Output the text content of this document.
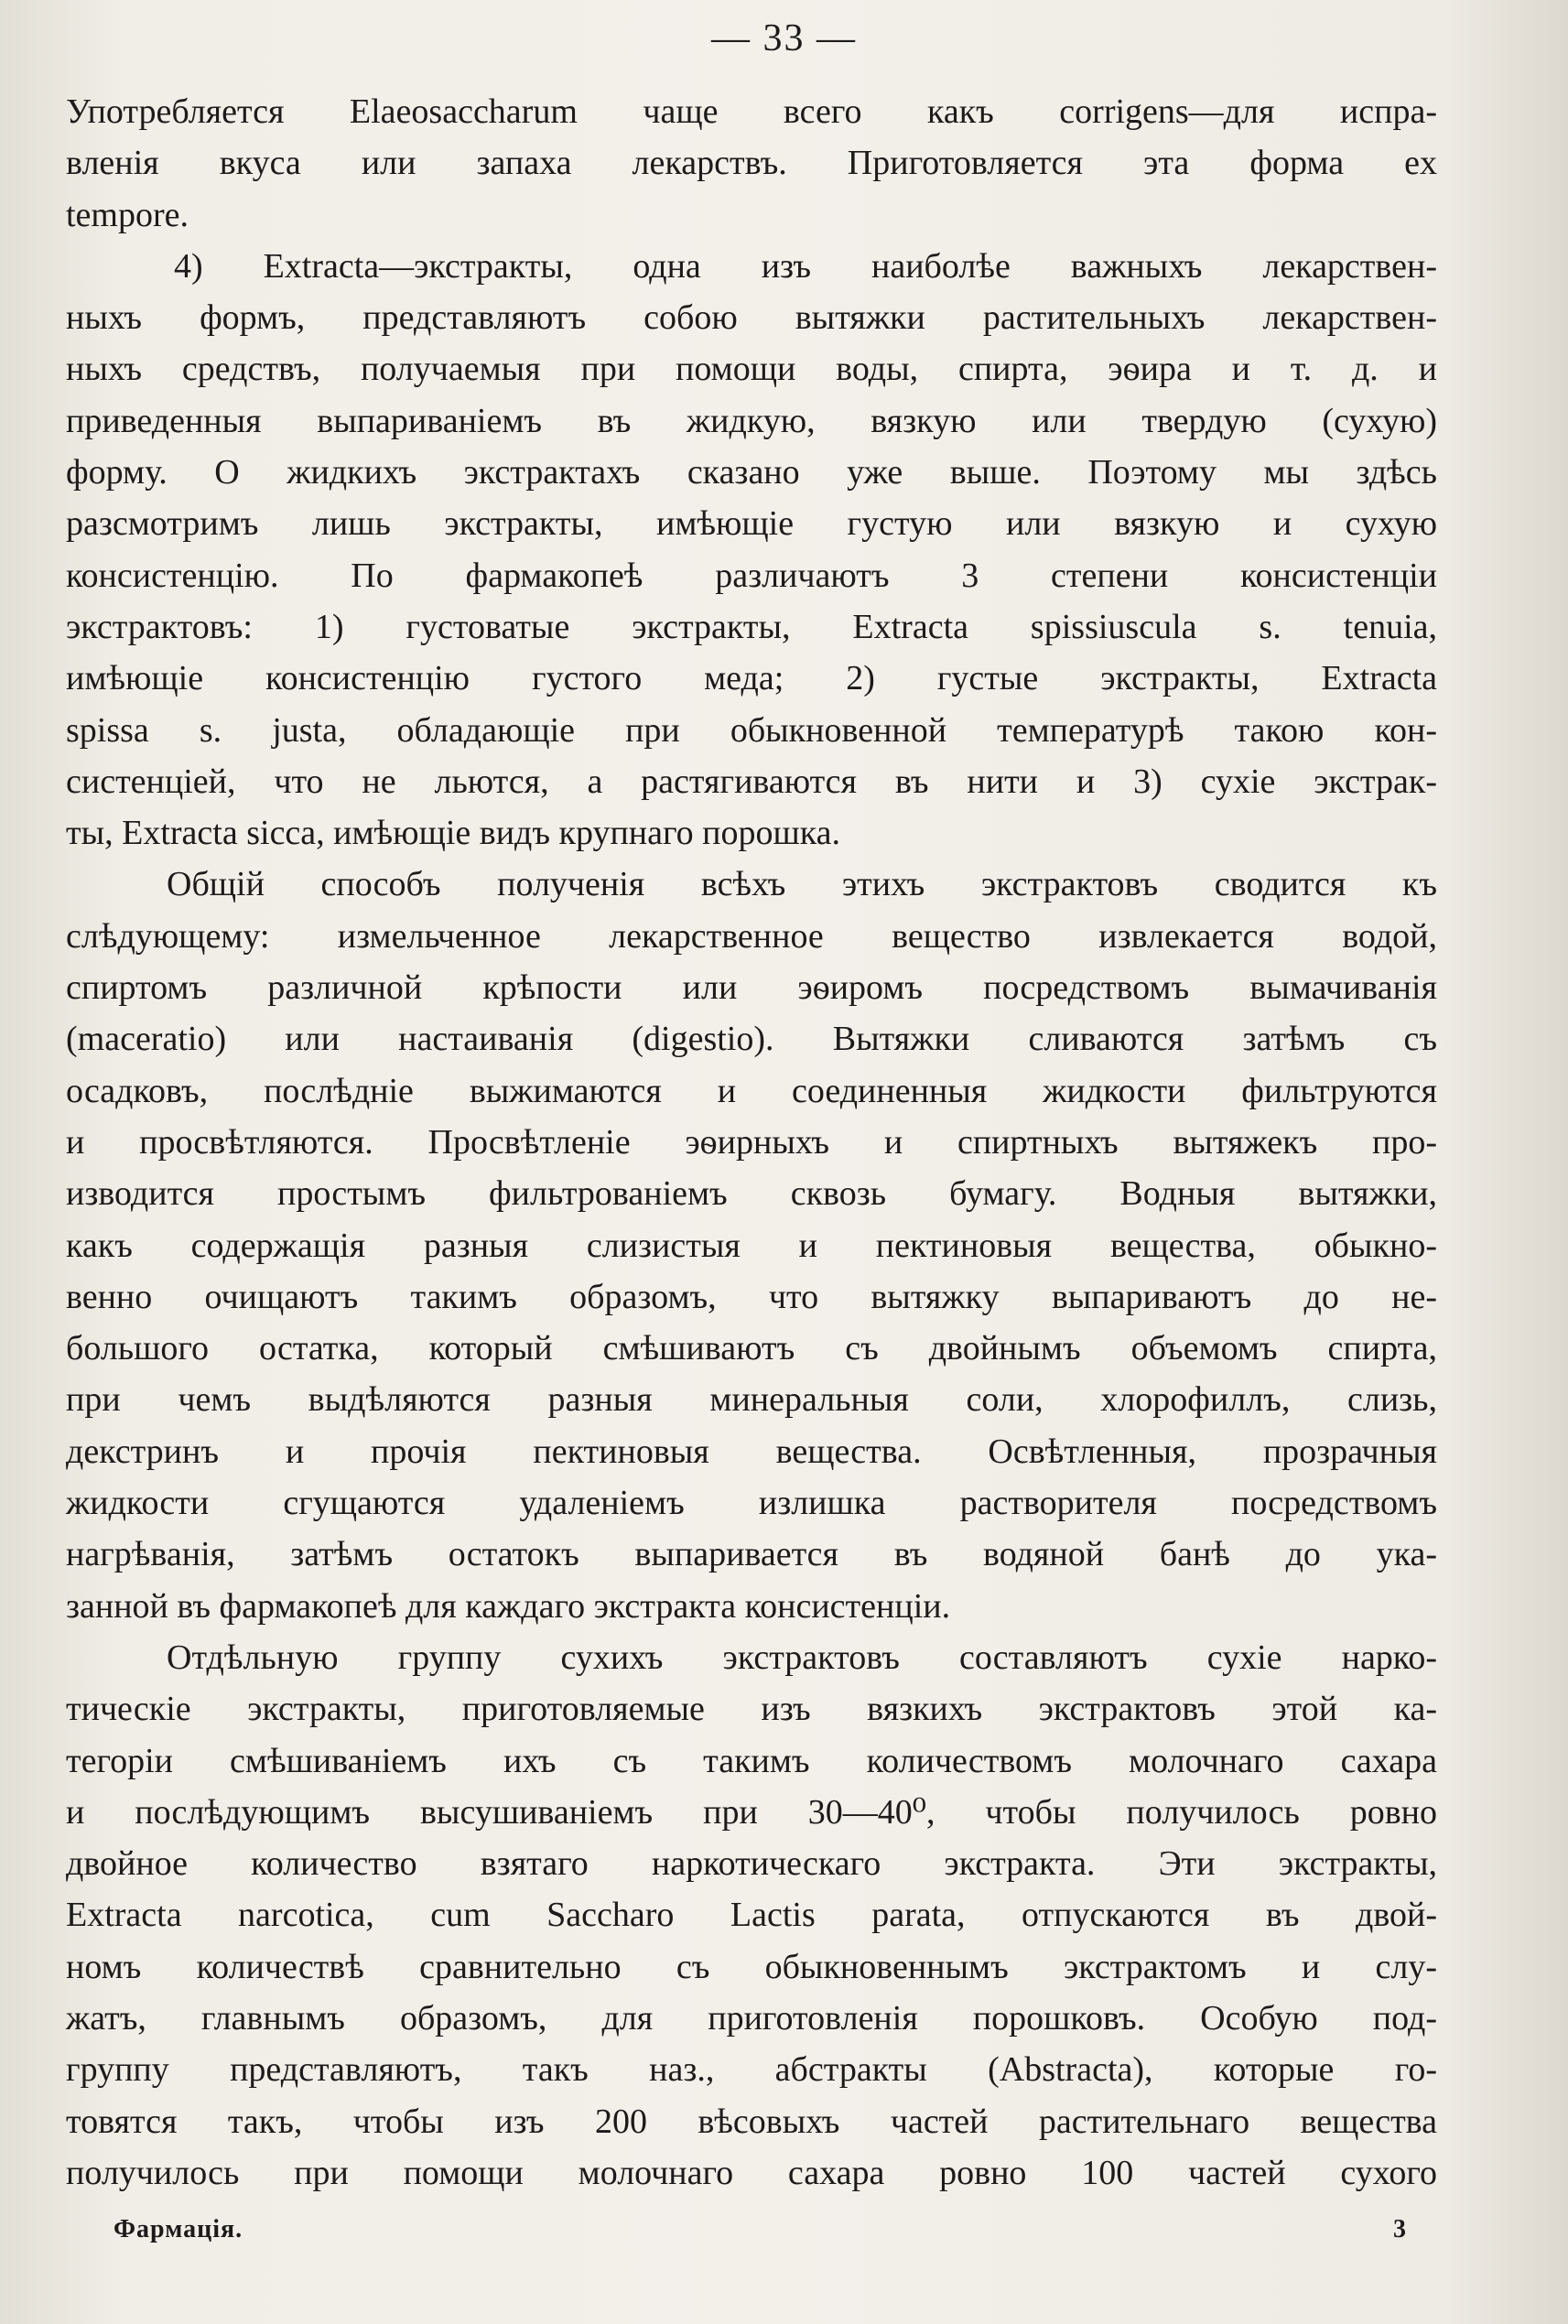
— 33 —
Употребляется Elaeosaccharum чаще всего какъ corrigens—для испра-
вленія вкуса или запаха лекарствъ. Приготовляется эта форма ex
tempore.
4) Extracta—экстракты, одна изъ наиболѣе важныхъ лекарствен-
ныхъ формъ, представляютъ собою вытяжки растительныхъ лекарствен-
ныхъ средствъ, получаемыя при помощи воды, спирта, эѳира и т. д. и
приведенныя выпариваніемъ въ жидкую, вязкую или твердую (сухую)
форму. О жидкихъ экстрактахъ сказано уже выше. Поэтому мы здѣсь
разсмотримъ лишь экстракты, имѣющіе густую или вязкую и сухую
консистенцію. По фармакопеѣ различаютъ 3 степени консистенціи
экстрактовъ: 1) густоватые экстракты, Extracta spissiuscula s. tenuia,
имѣющіе консистенцію густого меда; 2) густые экстракты, Extracta
spissa s. justa, обладающіе при обыкновенной температурѣ такою кон-
систенціей, что не льются, а растягиваются въ нити и 3) сухіе экстрак-
ты, Extracta sicca, имѣющіе видъ крупнаго порошка.
Общій способъ полученія всѣхъ этихъ экстрактовъ сводится къ
слѣдующему: измельченное лекарственное вещество извлекается водой,
спиртомъ различной крѣпости или эѳиромъ посредствомъ вымачиванія
(maceratio) или настаиванія (digestio). Вытяжки сливаются затѣмъ съ
осадковъ, послѣдніе выжимаются и соединенныя жидкости фильтруются
и просвѣтляются. Просвѣтленіе эѳирныхъ и спиртныхъ вытяжекъ про-
изводится простымъ фильтрованіемъ сквозь бумагу. Водныя вытяжки,
какъ содержащія разныя слизистыя и пектиновыя вещества, обыкно-
венно очищаютъ такимъ образомъ, что вытяжку выпариваютъ до не-
большого остатка, который смѣшиваютъ съ двойнымъ объемомъ спирта,
при чемъ выдѣляются разныя минеральныя соли, хлорофиллъ, слизь,
декстринъ и прочія пектиновыя вещества. Освѣтленныя, прозрачныя
жидкости сгущаются удаленіемъ излишка растворителя посредствомъ
нагрѣванія, затѣмъ остатокъ выпаривается въ водяной банѣ до ука-
занной въ фармакопеѣ для каждаго экстракта консистенціи.
Отдѣльную группу сухихъ экстрактовъ составляютъ сухіе нарко-
тическіе экстракты, приготовляемые изъ вязкихъ экстрактовъ этой ка-
тегоріи смѣшиваніемъ ихъ съ такимъ количествомъ молочнаго сахара
и послѣдующимъ высушиваніемъ при 30—40⁰, чтобы получилось ровно
двойное количество взятаго наркотическаго экстракта. Эти экстракты,
Extracta narcotica, cum Saccharo Lactis parata, отпускаются въ двой-
номъ количествѣ сравнительно съ обыкновеннымъ экстрактомъ и слу-
жатъ, главнымъ образомъ, для приготовленія порошковъ. Особую под-
группу представляютъ, такъ наз., абстракты (Abstracta), которые го-
товятся такъ, чтобы изъ 200 вѣсовыхъ частей растительнаго вещества
получилось при помощи молочнаго сахара ровно 100 частей сухого
Фармація.	3
